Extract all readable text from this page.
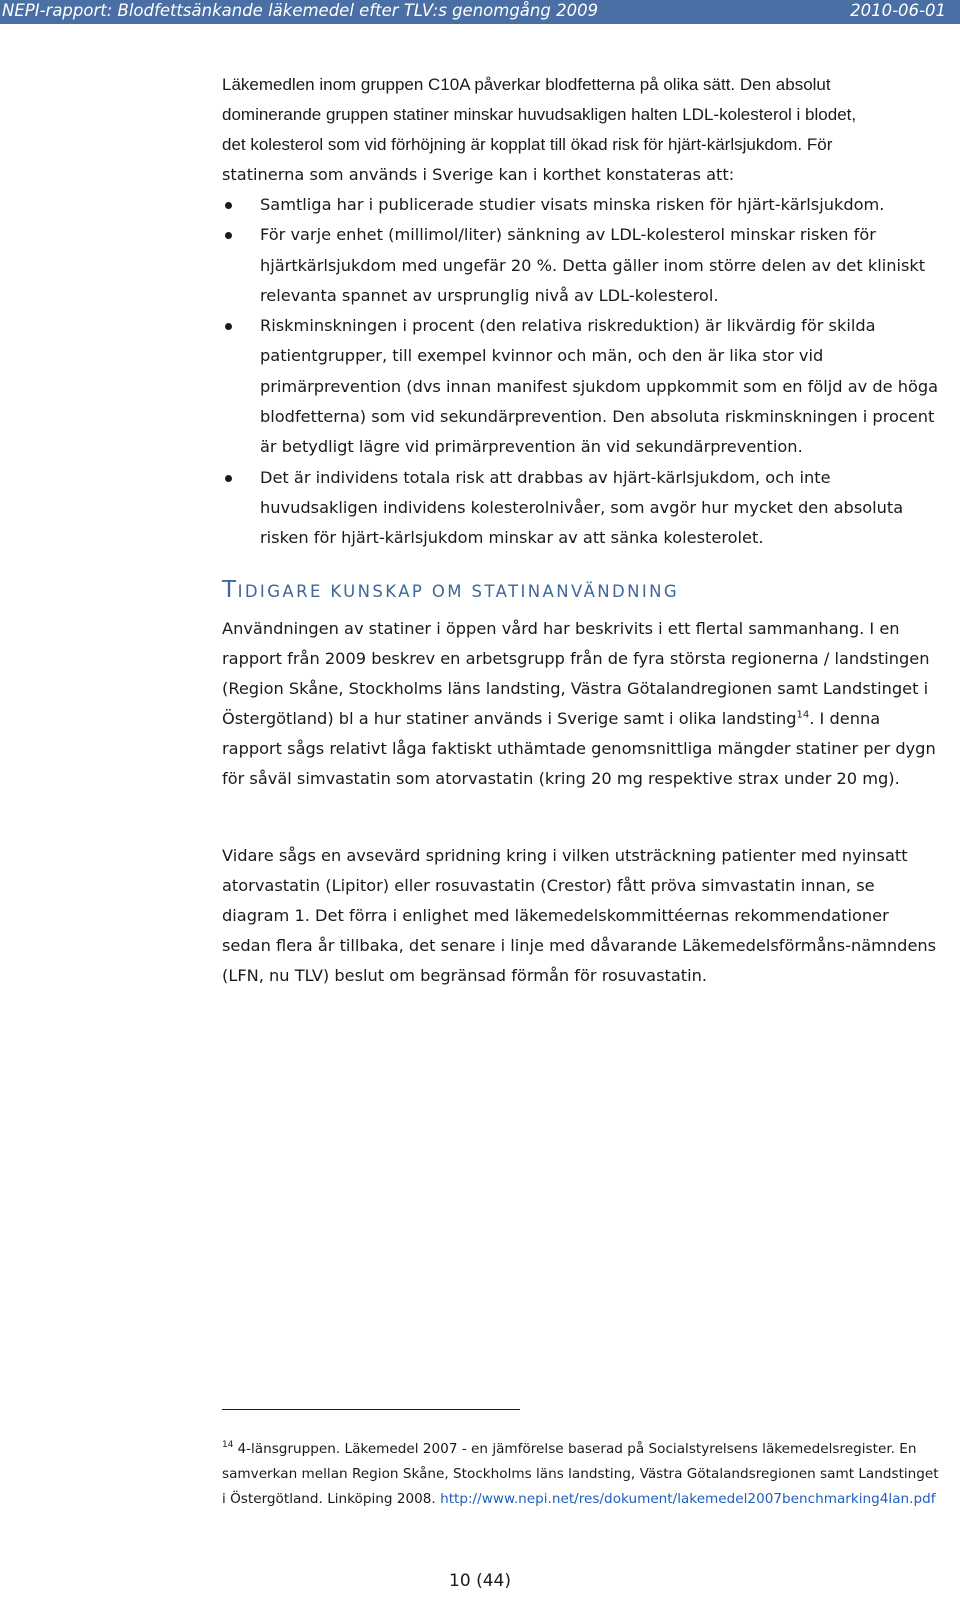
NEPI-rapport: Blodfettsänkande läkemedel efter TLV:s genomgång 2009	2010-06-01
Läkemedlen inom gruppen C10A påverkar blodfetterna på olika sätt. Den absolut
dominerande gruppen statiner minskar huvudsakligen halten LDL-kolesterol i blodet,
det kolesterol som vid förhöjning är kopplat till ökad risk för hjärt-kärlsjukdom. För
statinerna som används i Sverige kan i korthet konstateras att:
Samtliga har i publicerade studier visats minska risken för hjärt-kärlsjukdom.
För varje enhet (millimol/liter) sänkning av LDL-kolesterol minskar risken för hjärtkärlsjukdom med ungefär 20 %. Detta gäller inom större delen av det kliniskt relevanta spannet av ursprunglig nivå av LDL-kolesterol.
Riskminskningen i procent (den relativa riskreduktion) är likvärdig för skilda patientgrupper, till exempel kvinnor och män, och den är lika stor vid primärprevention (dvs innan manifest sjukdom uppkommit som en följd av de höga blodfetterna) som vid sekundärprevention. Den absoluta riskminskningen i procent är betydligt lägre vid primärprevention än vid sekundärprevention.
Det är individens totala risk att drabbas av hjärt-kärlsjukdom, och inte huvudsakligen individens kolesterolnivåer, som avgör hur mycket den absoluta risken för hjärt-kärlsjukdom minskar av att sänka kolesterolet.
TIDIGARE KUNSKAP OM STATINANVÄNDNING

Användningen av statiner i öppen vård har beskrivits i ett flertal sammanhang. I en rapport från 2009 beskrev en arbetsgrupp från de fyra största regionerna / landstingen (Region Skåne, Stockholms läns landsting, Västra Götalandregionen samt Landstinget i Östergötland) bl a hur statiner används i Sverige samt i olika landsting$^{14}$. I denna rapport sågs relativt låga faktiskt uthämtade genomsnittliga mängder statiner per dygn för såväl simvastatin som atorvastatin (kring 20 mg respektive strax under 20 mg).

Vidare sågs en avsevärd spridning kring i vilken utsträckning patienter med nyinsatt atorvastatin (Lipitor) eller rosuvastatin (Crestor) fått pröva simvastatin innan, se diagram 1. Det förra i enlighet med läkemedelskommittéernas rekommendationer sedan flera år tillbaka, det senare i linje med dåvarande Läkemedelsförmåns-nämndens (LFN, nu TLV) beslut om begränsad förmån för rosuvastatin.

$^{14}$ 4-länsgruppen. Läkemedel 2007 - en jämförelse baserad på Socialstyrelsens läkemedelsregister. En samverkan mellan Region Skåne, Stockholms läns landsting, Västra Götalandsregionen samt Landstinget i Östergötland. Linköping 2008. http://www.nepi.net/res/dokument/lakemedel2007benchmarking4lan.pdf

10 (44)
